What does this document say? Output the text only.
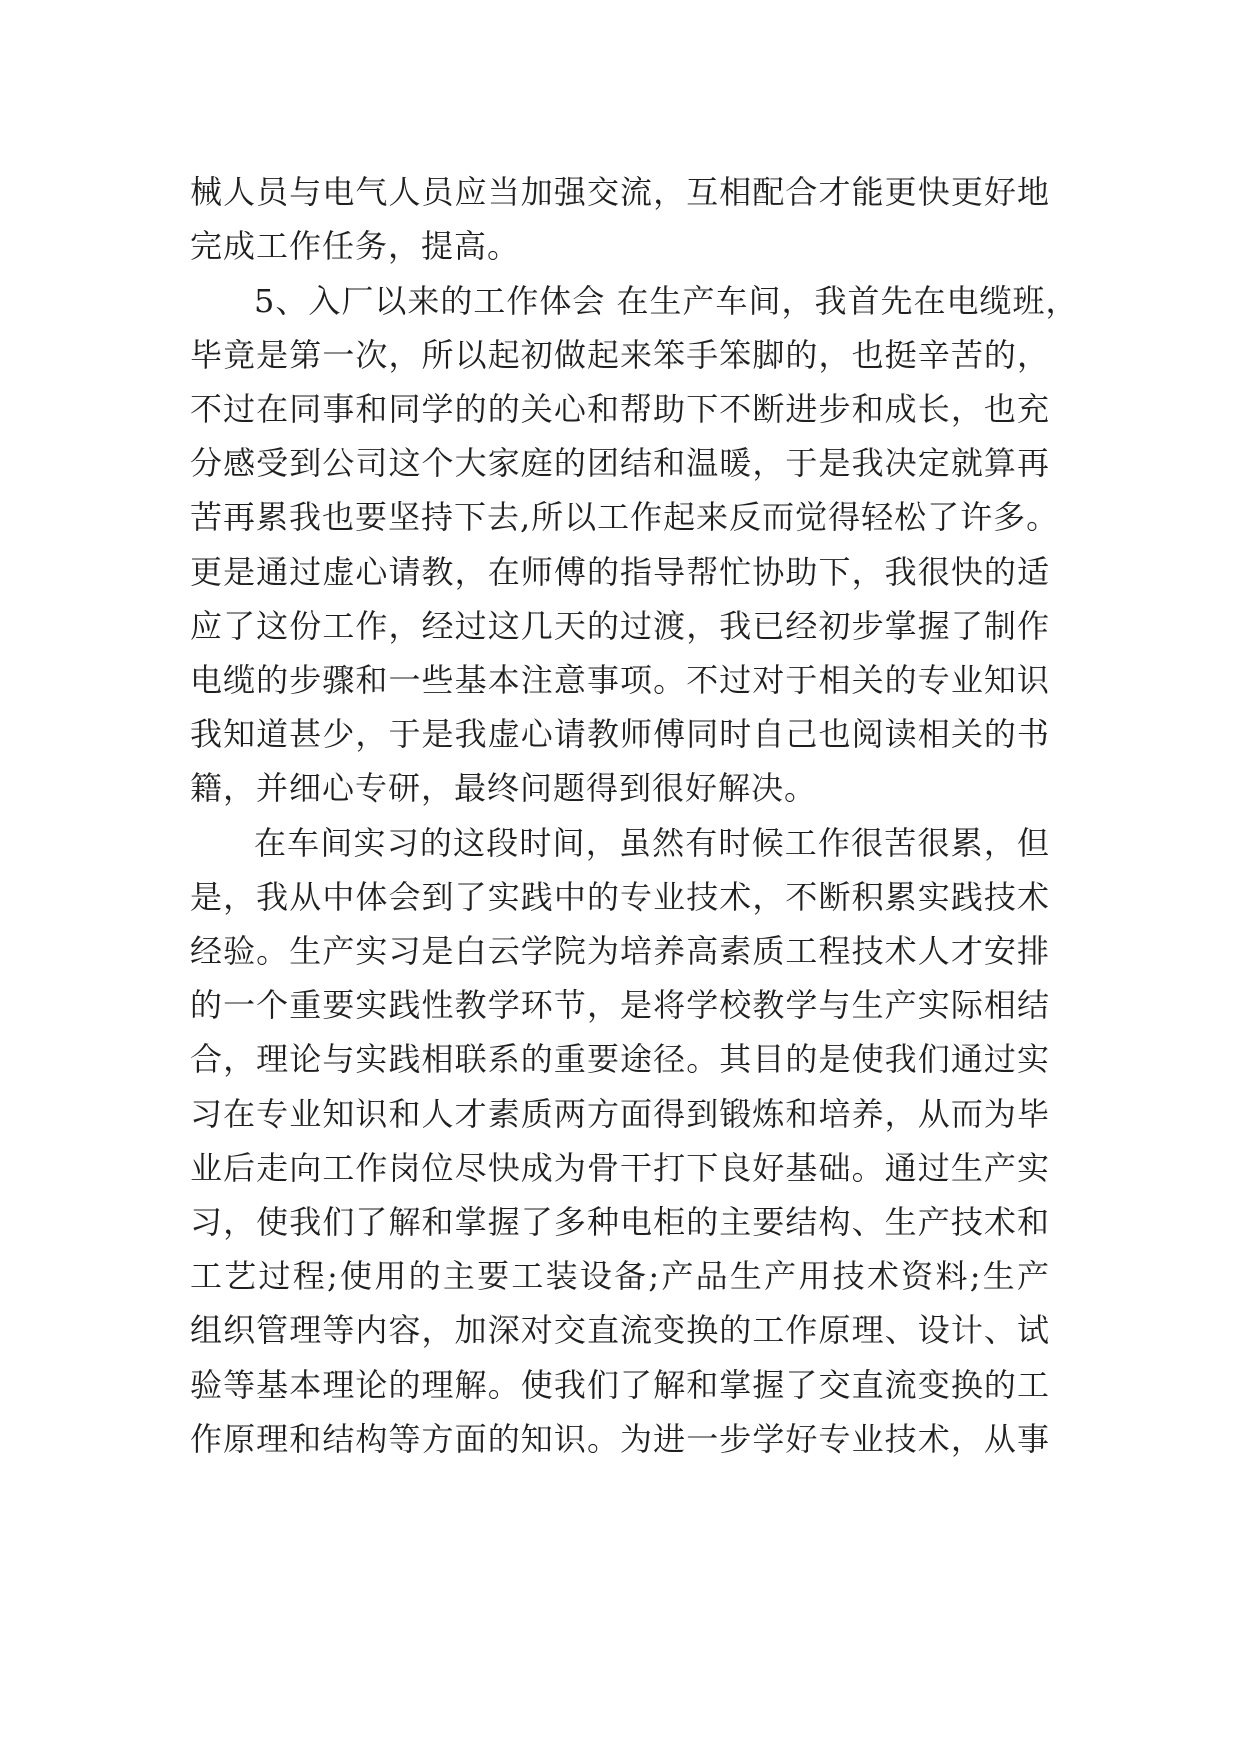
械人员与电气人员应当加强交流，互相配合才能更快更好地
完成工作任务，提高。
5、入厂以来的工作体会 在生产车间，我首先在电缆班，
毕竟是第一次，所以起初做起来笨手笨脚的，也挺辛苦的，
不过在同事和同学的的关心和帮助下不断进步和成长，也充
分感受到公司这个大家庭的团结和温暖，于是我决定就算再
苦再累我也要坚持下去,所以工作起来反而觉得轻松了许多。
更是通过虚心请教，在师傅的指导帮忙协助下，我很快的适
应了这份工作，经过这几天的过渡，我已经初步掌握了制作
电缆的步骤和一些基本注意事项。不过对于相关的专业知识
我知道甚少，于是我虚心请教师傅同时自己也阅读相关的书
籍，并细心专研，最终问题得到很好解决。
在车间实习的这段时间，虽然有时候工作很苦很累，但
是，我从中体会到了实践中的专业技术，不断积累实践技术
经验。生产实习是白云学院为培养高素质工程技术人才安排
的一个重要实践性教学环节，是将学校教学与生产实际相结
合，理论与实践相联系的重要途径。其目的是使我们通过实
习在专业知识和人才素质两方面得到锻炼和培养，从而为毕
业后走向工作岗位尽快成为骨干打下良好基础。通过生产实
习，使我们了解和掌握了多种电柜的主要结构、生产技术和
工艺过程;使用的主要工装设备;产品生产用技术资料;生产
组织管理等内容，加深对交直流变换的工作原理、设计、试
验等基本理论的理解。使我们了解和掌握了交直流变换的工
作原理和结构等方面的知识。为进一步学好专业技术，从事
